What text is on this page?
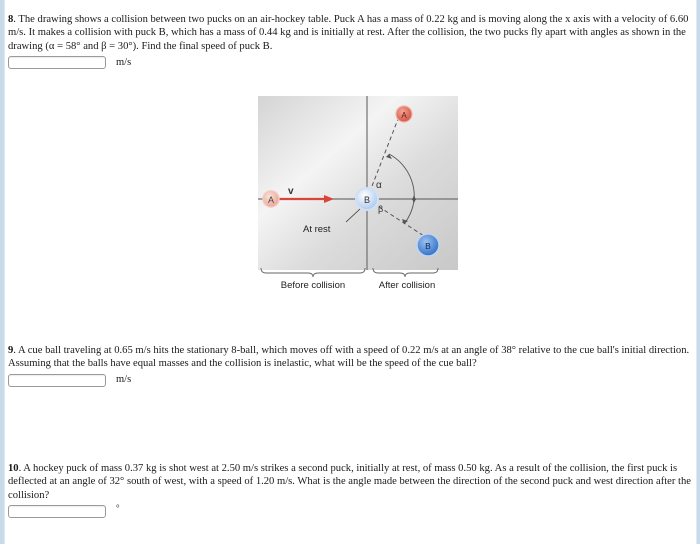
8. The drawing shows a collision between two pucks on an air-hockey table. Puck A has a mass of 0.22 kg and is moving along the x axis with a velocity of 6.60 m/s. It makes a collision with puck B, which has a mass of 0.44 kg and is initially at rest. After the collision, the two pucks fly apart with angles as shown in the drawing (α = 58° and β = 30°). Find the final speed of puck B.
m/s
v
α
β
At rest
A	B
A
B
Before collision	After collision
9. A cue ball traveling at 0.65 m/s hits the stationary 8-ball, which moves off with a speed of 0.22 m/s at an angle of 38° relative to the cue ball's initial direction. Assuming that the balls have equal masses and the collision is inelastic, what will be the speed of the cue ball?
m/s
10. A hockey puck of mass 0.37 kg is shot west at 2.50 m/s strikes a second puck, initially at rest, of mass 0.50 kg. As a result of the collision, the first puck is deflected at an angle of 32° south of west, with a speed of 1.20 m/s. What is the angle made between the direction of the second puck and west direction after the collision?
°
